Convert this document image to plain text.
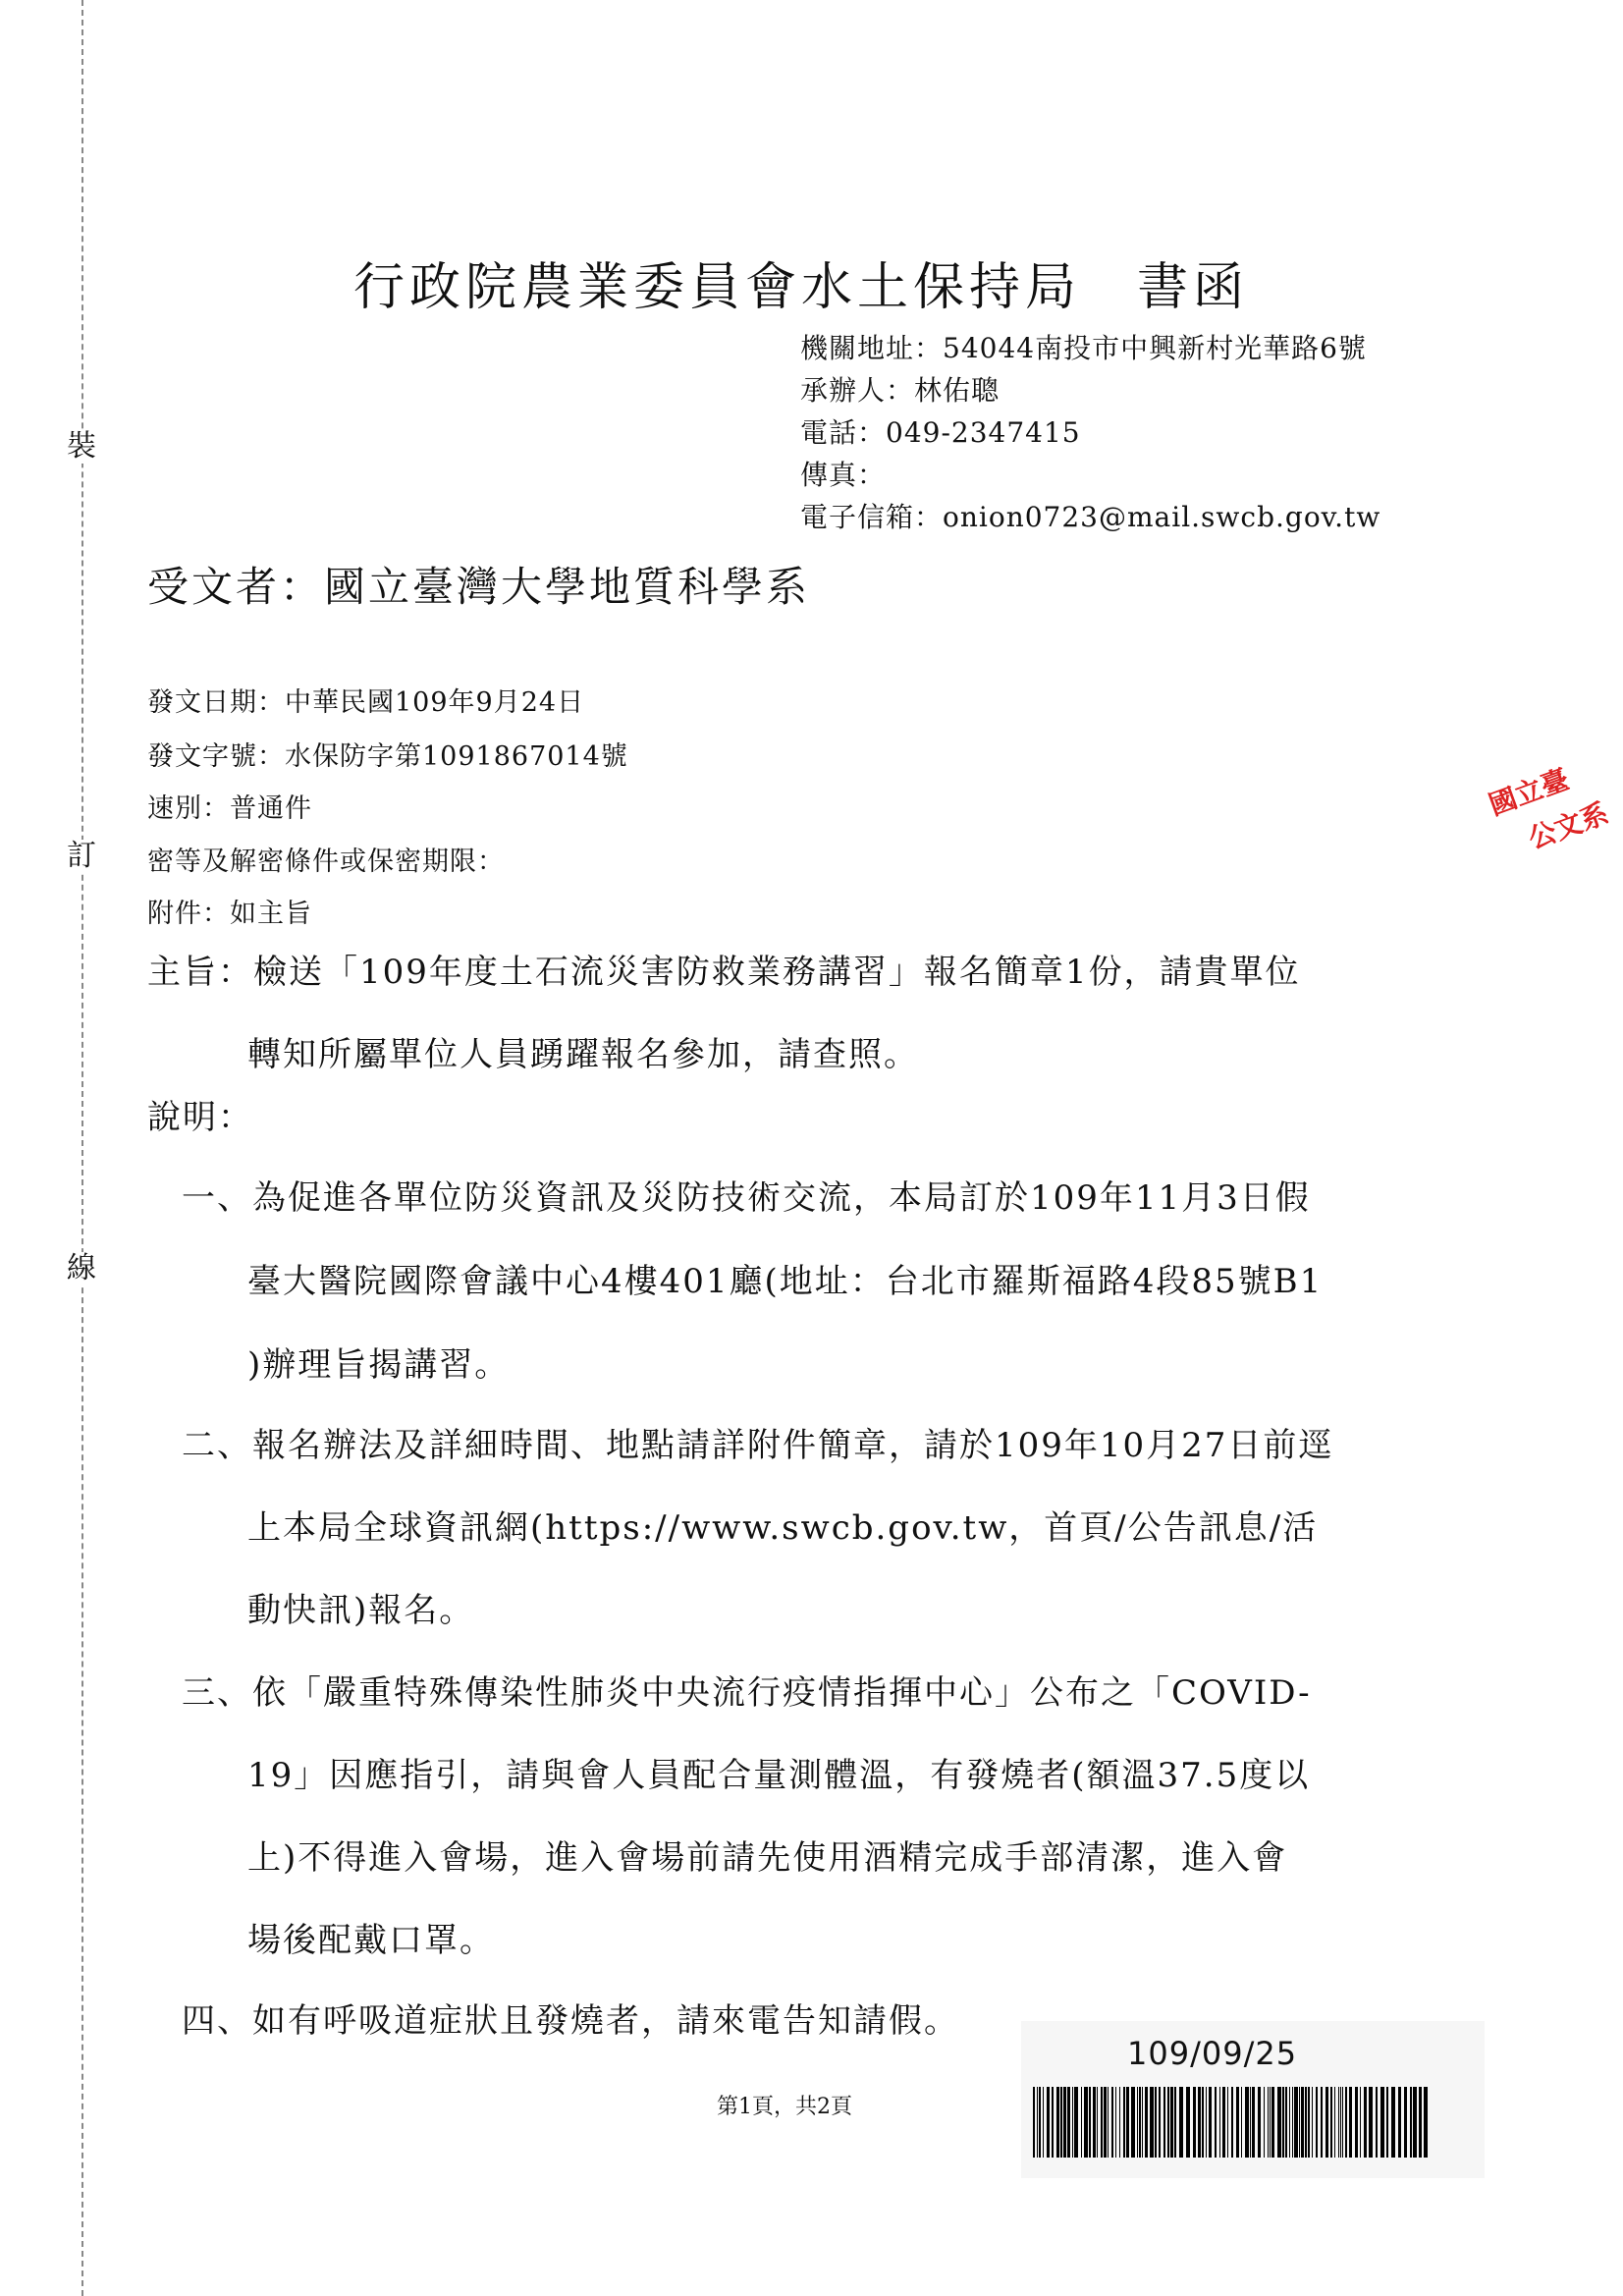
裝
訂
線
行政院農業委員會水土保持局　書函
機關地址：54044南投市中興新村光華路6號
承辦人：林佑聰
電話：049-2347415
傳真：
電子信箱：onion0723@mail.swcb.gov.tw
受文者：國立臺灣大學地質科學系
發文日期：中華民國109年9月24日
發文字號：水保防字第1091867014號
速別：普通件
密等及解密條件或保密期限：
附件：如主旨
主旨：檢送「109年度土石流災害防救業務講習」報名簡章1份，請貴單位
轉知所屬單位人員踴躍報名參加，請查照。
說明：
一、為促進各單位防災資訊及災防技術交流，本局訂於109年11月3日假
臺大醫院國際會議中心4樓401廳(地址：台北市羅斯福路4段85號B1
)辦理旨揭講習。
二、報名辦法及詳細時間、地點請詳附件簡章，請於109年10月27日前逕
上本局全球資訊網(https://www.swcb.gov.tw，首頁/公告訊息/活
動快訊)報名。
三、依「嚴重特殊傳染性肺炎中央流行疫情指揮中心」公布之「COVID-
19」因應指引，請與會人員配合量測體溫，有發燒者(額溫37.5度以
上)不得進入會場，進入會場前請先使用酒精完成手部清潔，進入會
場後配戴口罩。
四、如有呼吸道症狀且發燒者，請來電告知請假。
國立臺
公文系
109/09/25
第1頁，共2頁
